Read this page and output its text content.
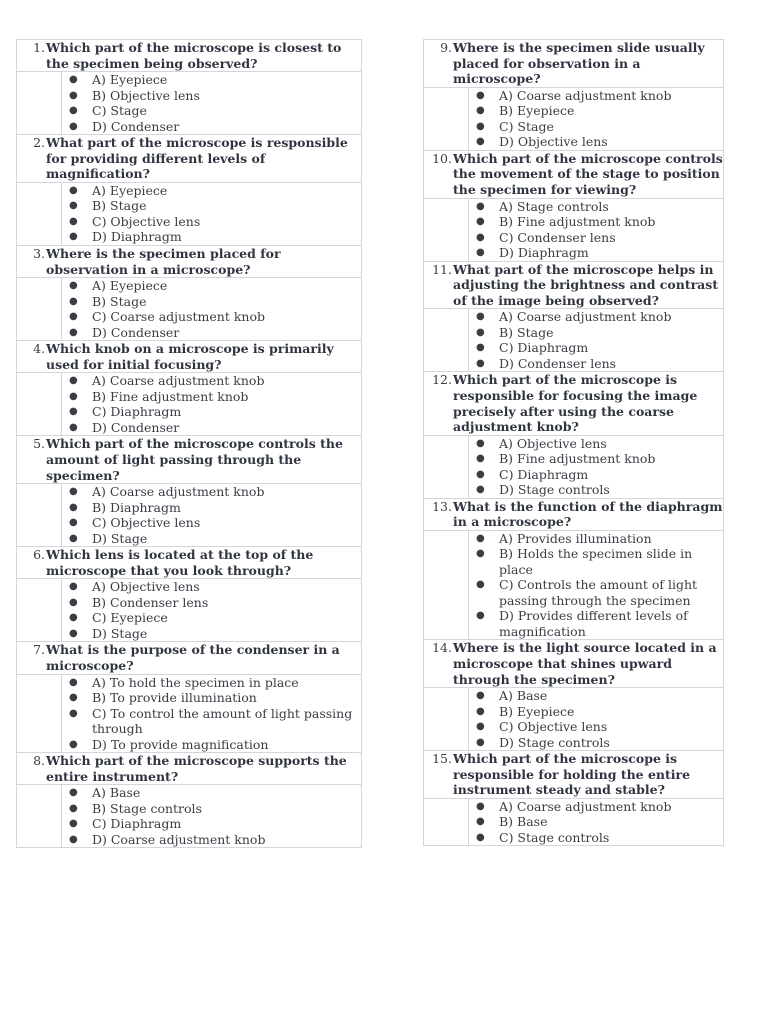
1. Which part of the microscope is closest to the specimen being observed?
● A) Eyepiece
● B) Objective lens
● C) Stage
● D) Condenser
2. What part of the microscope is responsible for providing different levels of magnification?
● A) Eyepiece
● B) Stage
● C) Objective lens
● D) Diaphragm
3. Where is the specimen placed for observation in a microscope?
● A) Eyepiece
● B) Stage
● C) Coarse adjustment knob
● D) Condenser
4. Which knob on a microscope is primarily used for initial focusing?
● A) Coarse adjustment knob
● B) Fine adjustment knob
● C) Diaphragm
● D) Condenser
5. Which part of the microscope controls the amount of light passing through the specimen?
● A) Coarse adjustment knob
● B) Diaphragm
● C) Objective lens
● D) Stage
6. Which lens is located at the top of the microscope that you look through?
● A) Objective lens
● B) Condenser lens
● C) Eyepiece
● D) Stage
7. What is the purpose of the condenser in a microscope?
● A) To hold the specimen in place
● B) To provide illumination
● C) To control the amount of light passing through
● D) To provide magnification
8. Which part of the microscope supports the entire instrument?
● A) Base
● B) Stage controls
● C) Diaphragm
● D) Coarse adjustment knob
9. Where is the specimen slide usually placed for observation in a microscope?
● A) Coarse adjustment knob
● B) Eyepiece
● C) Stage
● D) Objective lens
10. Which part of the microscope controls the movement of the stage to position the specimen for viewing?
● A) Stage controls
● B) Fine adjustment knob
● C) Condenser lens
● D) Diaphragm
11. What part of the microscope helps in adjusting the brightness and contrast of the image being observed?
● A) Coarse adjustment knob
● B) Stage
● C) Diaphragm
● D) Condenser lens
12. Which part of the microscope is responsible for focusing the image precisely after using the coarse adjustment knob?
● A) Objective lens
● B) Fine adjustment knob
● C) Diaphragm
● D) Stage controls
13. What is the function of the diaphragm in a microscope?
● A) Provides illumination
● B) Holds the specimen slide in place
● C) Controls the amount of light passing through the specimen
● D) Provides different levels of magnification
14. Where is the light source located in a microscope that shines upward through the specimen?
● A) Base
● B) Eyepiece
● C) Objective lens
● D) Stage controls
15. Which part of the microscope is responsible for holding the entire instrument steady and stable?
● A) Coarse adjustment knob
● B) Base
● C) Stage controls
